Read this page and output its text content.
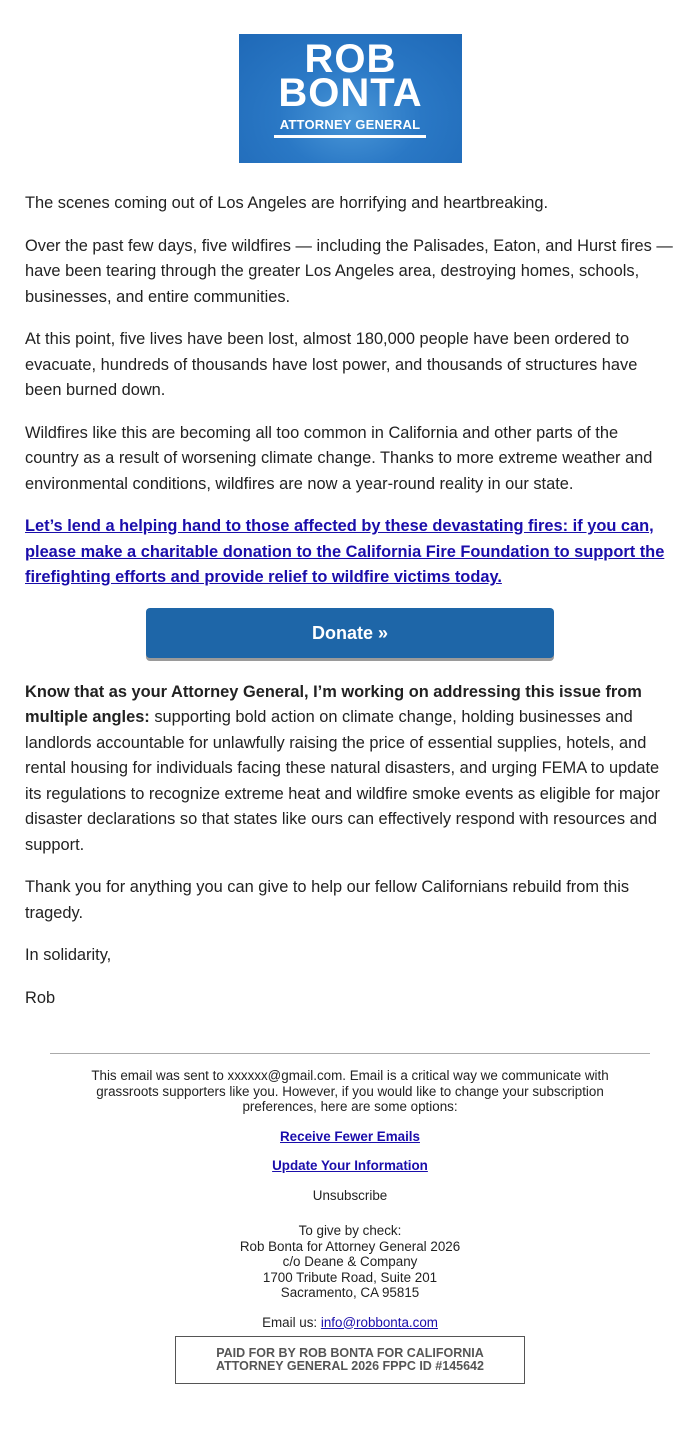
ROB
BONTA
ATTORNEY GENERAL

The scenes coming out of Los Angeles are horrifying and heartbreaking.

Over the past few days, five wildfires — including the Palisades, Eaton, and Hurst fires — have been tearing through the greater Los Angeles area, destroying homes, schools, businesses, and entire communities.

At this point, five lives have been lost, almost 180,000 people have been ordered to evacuate, hundreds of thousands have lost power, and thousands of structures have been burned down.

Wildfires like this are becoming all too common in California and other parts of the country as a result of worsening climate change. Thanks to more extreme weather and environmental conditions, wildfires are now a year-round reality in our state.

Let’s lend a helping hand to those affected by these devastating fires: if you can, please make a charitable donation to the California Fire Foundation to support the firefighting efforts and provide relief to wildfire victims today.

Donate »

Know that as your Attorney General, I’m working on addressing this issue from multiple angles: supporting bold action on climate change, holding businesses and landlords accountable for unlawfully raising the price of essential supplies, hotels, and rental housing for individuals facing these natural disasters, and urging FEMA to update its regulations to recognize extreme heat and wildfire smoke events as eligible for major disaster declarations so that states like ours can effectively respond with resources and support.

Thank you for anything you can give to help our fellow Californians rebuild from this tragedy.

In solidarity,

Rob

This email was sent to xxxxxx@gmail.com. Email is a critical way we communicate with grassroots supporters like you. However, if you would like to change your subscription preferences, here are some options:

Receive Fewer Emails

Update Your Information

Unsubscribe

To give by check:
Rob Bonta for Attorney General 2026
c/o Deane & Company
1700 Tribute Road, Suite 201
Sacramento, CA 95815

Email us: info@robbonta.com

PAID FOR BY ROB BONTA FOR CALIFORNIA
ATTORNEY GENERAL 2026 FPPC ID #145642
